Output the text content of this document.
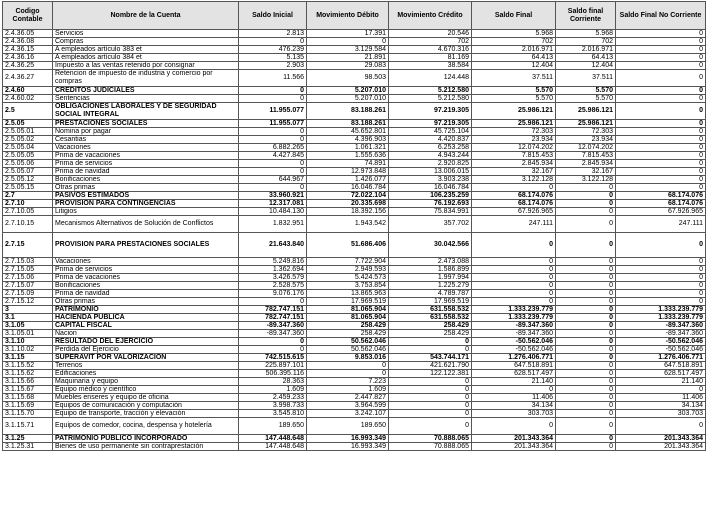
Codigo Contable	Nombre de la Cuenta	Saldo Inicial	Movimiento Débito	Movimiento Crédito	Saldo Final	Saldo final Corriente	Saldo Final No Corriente
2.4.36.05	Servicios	2.813	17.391	20.546	5.968	5.968	0
2.4.36.08	Compras	0	0	702	702	702	0
2.4.36.15	A empleados artículo 383 et	476.239	3.129.584	4.670.316	2.016.971	2.016.971	0
2.4.36.16	A empleados artículo 384 et	5.135	21.891	81.169	64.413	64.413	0
2.4.36.25	Impuesto a las ventas retenido por consignar	2.903	29.083	38.584	12.404	12.404	0
2.4.36.27	Retencion de impuesto de industria y comercio por compras	11.566	98.503	124.448	37.511	37.511	0
2.4.60	CREDITOS JUDICIALES	0	5.207.010	5.212.580	5.570	5.570	0
2.4.60.02	Sentencias	0	5.207.010	5.212.580	5.570	5.570	0
2.5	OBLIGACIONES LABORALES Y DE SEGURIDAD SOCIAL INTEGRAL	11.955.077	83.188.261	97.219.305	25.986.121	25.986.121	0
2.5.05	PRESTACIONES SOCIALES	11.955.077	83.188.261	97.219.305	25.986.121	25.986.121	0
2.5.05.01	Nomina por pagar	0	45.652.801	45.725.104	72.303	72.303	0
2.5.05.02	Cesantias	0	4.396.903	4.420.837	23.934	23.934	0
2.5.05.04	Vacaciones	6.882.265	1.061.321	6.253.258	12.074.202	12.074.202	0
2.5.05.05	Prima de vacaciones	4.427.845	1.555.636	4.943.244	7.815.453	7.815.453	0
2.5.05.06	Prima de servicios	0	74.891	2.920.825	2.845.934	2.845.934	0
2.5.05.07	Prima de navidad	0	12.973.848	13.006.015	32.167	32.167	0
2.5.05.12	Bonificaciones	644.967	1.426.077	3.903.238	3.122.128	3.122.128	0
2.5.05.15	Otras primas	0	16.046.784	16.046.784	0	0	0
2.7	PASIVOS ESTIMADOS	33.960.921	72.022.104	106.235.259	68.174.076	0	68.174.076
2.7.10	PROVISION PARA CONTINGENCIAS	12.317.081	20.335.698	76.192.693	68.174.076	0	68.174.076
2.7.10.05	Litigios	10.484.130	18.392.156	75.834.991	67.926.965	0	67.926.965
2.7.10.15	Mecanismos Alternativos de Solución de Conflictos	1.832.951	1.943.542	357.702	247.111	0	247.111
2.7.15	PROVISION PARA PRESTACIONES SOCIALES	21.643.840	51.686.406	30.042.566	0	0	0
2.7.15.03	Vacaciones	5.249.816	7.722.904	2.473.088	0	0	0
2.7.15.05	Prima de servicios	1.362.694	2.949.593	1.586.899	0	0	0
2.7.15.06	Prima de vacaciones	3.426.579	5.424.573	1.997.994	0	0	0
2.7.15.07	Bonificaciones	2.528.575	3.753.854	1.225.279	0	0	0
2.7.15.09	Prima de navidad	9.076.176	13.865.963	4.789.787	0	0	0
2.7.15.12	Otras primas	0	17.969.519	17.969.519	0	0	0
3	PATRIMONIO	782.747.151	81.065.904	631.558.532	1.333.239.779	0	1.333.239.779
3.1	HACIENDA PUBLICA	782.747.151	81.065.904	631.558.532	1.333.239.779	0	1.333.239.779
3.1.05	CAPITAL FISCAL	-89.347.360	258.429	258.429	-89.347.360	0	-89.347.360
3.1.05.01	Nacion	-89.347.360	258.429	258.429	-89.347.360	0	-89.347.360
3.1.10	RESULTADO DEL EJERCICIO	0	50.562.046	0	-50.562.046	0	-50.562.046
3.1.10.02	Perdida del Ejercicio	0	50.562.046	0	-50.562.046	0	-50.562.046
3.1.15	SUPERAVIT POR VALORIZACION	742.515.615	9.853.016	543.744.171	1.276.406.771	0	1.276.406.771
3.1.15.52	Terrenos	225.897.101	0	421.621.790	647.518.891	0	647.518.891
3.1.15.62	Edificaciones	506.395.116	0	122.122.381	628.517.497	0	628.517.497
3.1.15.66	Maquinaria y equipo	28.363	7.223	0	21.140	0	21.140
3.1.15.67	Equipo médico y científico	1.609	1.609	0	0	0	0
3.1.15.68	Muebles enseres y equipo de oficina	2.459.233	2.447.827	0	11.406	0	11.406
3.1.15.69	Equipos de comunicación y computación	3.998.733	3.964.599	0	34.134	0	34.134
3.1.15.70	Equipo de transporte, tracción y elevación	3.545.810	3.242.107	0	303.703	0	303.703
3.1.15.71	Equipos de comedor, cocina, despensa y hotelería	189.650	189.650	0	0	0	0
3.1.25	PATRIMONIO PUBLICO INCORPORADO	147.448.648	16.993.349	70.888.065	201.343.364	0	201.343.364
3.1.25.31	Bienes de uso permanente sin contraprestación	147.448.648	16.993.349	70.888.065	201.343.364	0	201.343.364
